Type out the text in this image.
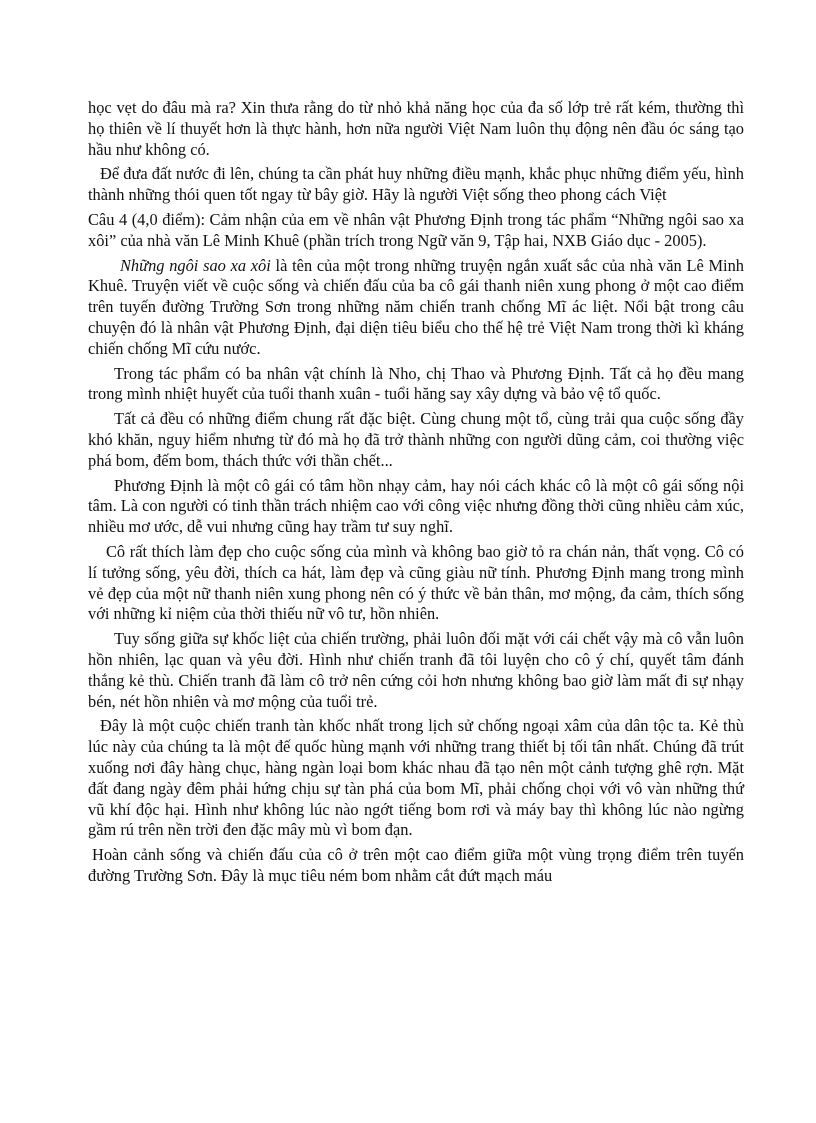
học vẹt do đâu mà ra? Xin thưa rằng do từ nhỏ khả năng học của đa số lớp trẻ rất kém, thường thì họ thiên về lí thuyết hơn là thực hành, hơn nữa người Việt Nam luôn thụ động nên đầu óc sáng tạo hầu như không có.

Để đưa đất nước đi lên, chúng ta cần phát huy những điều mạnh, khắc phục những điểm yếu, hình thành những thói quen tốt ngay từ bây giờ. Hãy là người Việt sống theo phong cách Việt

Câu 4 (4,0 điểm): Cảm nhận của em về nhân vật Phương Định trong tác phẩm “Những ngôi sao xa xôi” của nhà văn Lê Minh Khuê (phần trích trong Ngữ văn 9, Tập hai, NXB Giáo dục - 2005).

Những ngôi sao xa xôi là tên của một trong những truyện ngắn xuất sắc của nhà văn Lê Minh Khuê. Truyện viết về cuộc sống và chiến đấu của ba cô gái thanh niên xung phong ở một cao điểm trên tuyến đường Trường Sơn trong những năm chiến tranh chống Mĩ ác liệt. Nổi bật trong câu chuyện đó là nhân vật Phương Định, đại diện tiêu biểu cho thế hệ trẻ Việt Nam trong thời kì kháng chiến chống Mĩ cứu nước.

Trong tác phẩm có ba nhân vật chính là Nho, chị Thao và Phương Định. Tất cả họ đều mang trong mình nhiệt huyết của tuổi thanh xuân - tuổi hăng say xây dựng và bảo vệ tổ quốc.

Tất cả đều có những điểm chung rất đặc biệt. Cùng chung một tổ, cùng trải qua cuộc sống đầy khó khăn, nguy hiểm nhưng từ đó mà họ đã trở thành những con người dũng cảm, coi thường việc phá bom, đếm bom, thách thức với thần chết...

Phương Định là một cô gái có tâm hồn nhạy cảm, hay nói cách khác cô là một cô gái sống nội tâm. Là con người có tinh thần trách nhiệm cao với công việc nhưng đồng thời cũng nhiều cảm xúc, nhiều mơ ước, dễ vui nhưng cũng hay trầm tư suy nghĩ.

Cô rất thích làm đẹp cho cuộc sống của mình và không bao giờ tỏ ra chán nản, thất vọng. Cô có lí tưởng sống, yêu đời, thích ca hát, làm đẹp và cũng giàu nữ tính. Phương Định mang trong mình vẻ đẹp của một nữ thanh niên xung phong nên có ý thức về bản thân, mơ mộng, đa cảm, thích sống với những kỉ niệm của thời thiếu nữ vô tư, hồn nhiên.

Tuy sống giữa sự khốc liệt của chiến trường, phải luôn đối mặt với cái chết vậy mà cô vẫn luôn hồn nhiên, lạc quan và yêu đời. Hình như chiến tranh đã tôi luyện cho cô ý chí, quyết tâm đánh thắng kẻ thù. Chiến tranh đã làm cô trở nên cứng cỏi hơn nhưng không bao giờ làm mất đi sự nhạy bén, nét hồn nhiên và mơ mộng của tuổi trẻ.

Đây là một cuộc chiến tranh tàn khốc nhất trong lịch sử chống ngoại xâm của dân tộc ta. Kẻ thù lúc này của chúng ta là một đế quốc hùng mạnh với những trang thiết bị tối tân nhất. Chúng đã trút xuống nơi đây hàng chục, hàng ngàn loại bom khác nhau đã tạo nên một cảnh tượng ghê rợn. Mặt đất đang ngày đêm phải hứng chịu sự tàn phá của bom Mĩ, phải chống chọi với vô vàn những thứ vũ khí độc hại. Hình như không lúc nào ngớt tiếng bom rơi và máy bay thì không lúc nào ngừng gầm rú trên nền trời đen đặc mây mù vì bom đạn.

Hoàn cảnh sống và chiến đấu của cô ở trên một cao điểm giữa một vùng trọng điểm trên tuyến đường Trường Sơn. Đây là mục tiêu ném bom nhằm cắt đứt mạch máu
